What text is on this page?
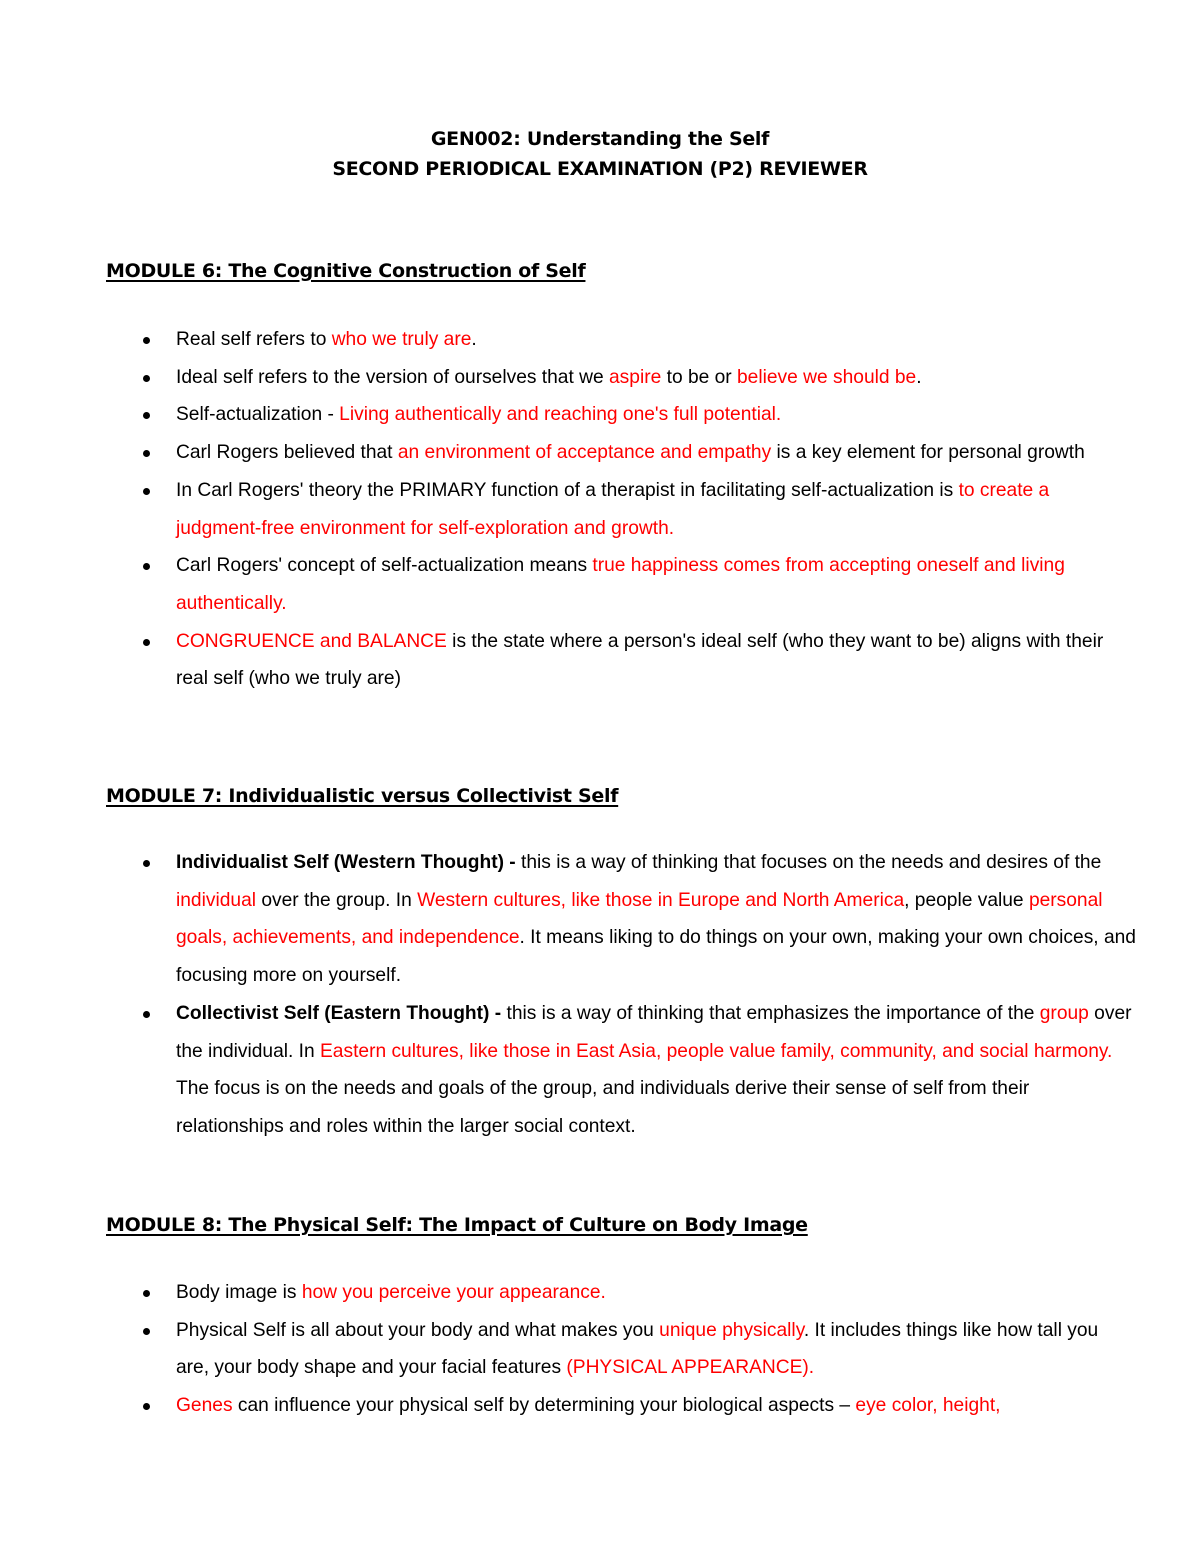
GEN002: Understanding the Self
SECOND PERIODICAL EXAMINATION (P2) REVIEWER
MODULE 6: The Cognitive Construction of Self
Real self refers to who we truly are.
Ideal self refers to the version of ourselves that we aspire to be or believe we should be.
Self-actualization - Living authentically and reaching one's full potential.
Carl Rogers believed that an environment of acceptance and empathy is a key element for personal growth
In Carl Rogers' theory the PRIMARY function of a therapist in facilitating self-actualization is to create a judgment-free environment for self-exploration and growth.
Carl Rogers' concept of self-actualization means true happiness comes from accepting oneself and living authentically.
CONGRUENCE and BALANCE is the state where a person's ideal self (who they want to be) aligns with their real self (who we truly are)
MODULE 7: Individualistic versus Collectivist Self
Individualist Self (Western Thought) - this is a way of thinking that focuses on the needs and desires of the individual over the group. In Western cultures, like those in Europe and North America, people value personal goals, achievements, and independence. It means liking to do things on your own, making your own choices, and focusing more on yourself.
Collectivist Self (Eastern Thought) - this is a way of thinking that emphasizes the importance of the group over the individual. In Eastern cultures, like those in East Asia, people value family, community, and social harmony. The focus is on the needs and goals of the group, and individuals derive their sense of self from their relationships and roles within the larger social context.
MODULE 8: The Physical Self: The Impact of Culture on Body Image
Body image is how you perceive your appearance.
Physical Self is all about your body and what makes you unique physically. It includes things like how tall you are, your body shape and your facial features (PHYSICAL APPEARANCE).
Genes can influence your physical self by determining your biological aspects – eye color, height,
